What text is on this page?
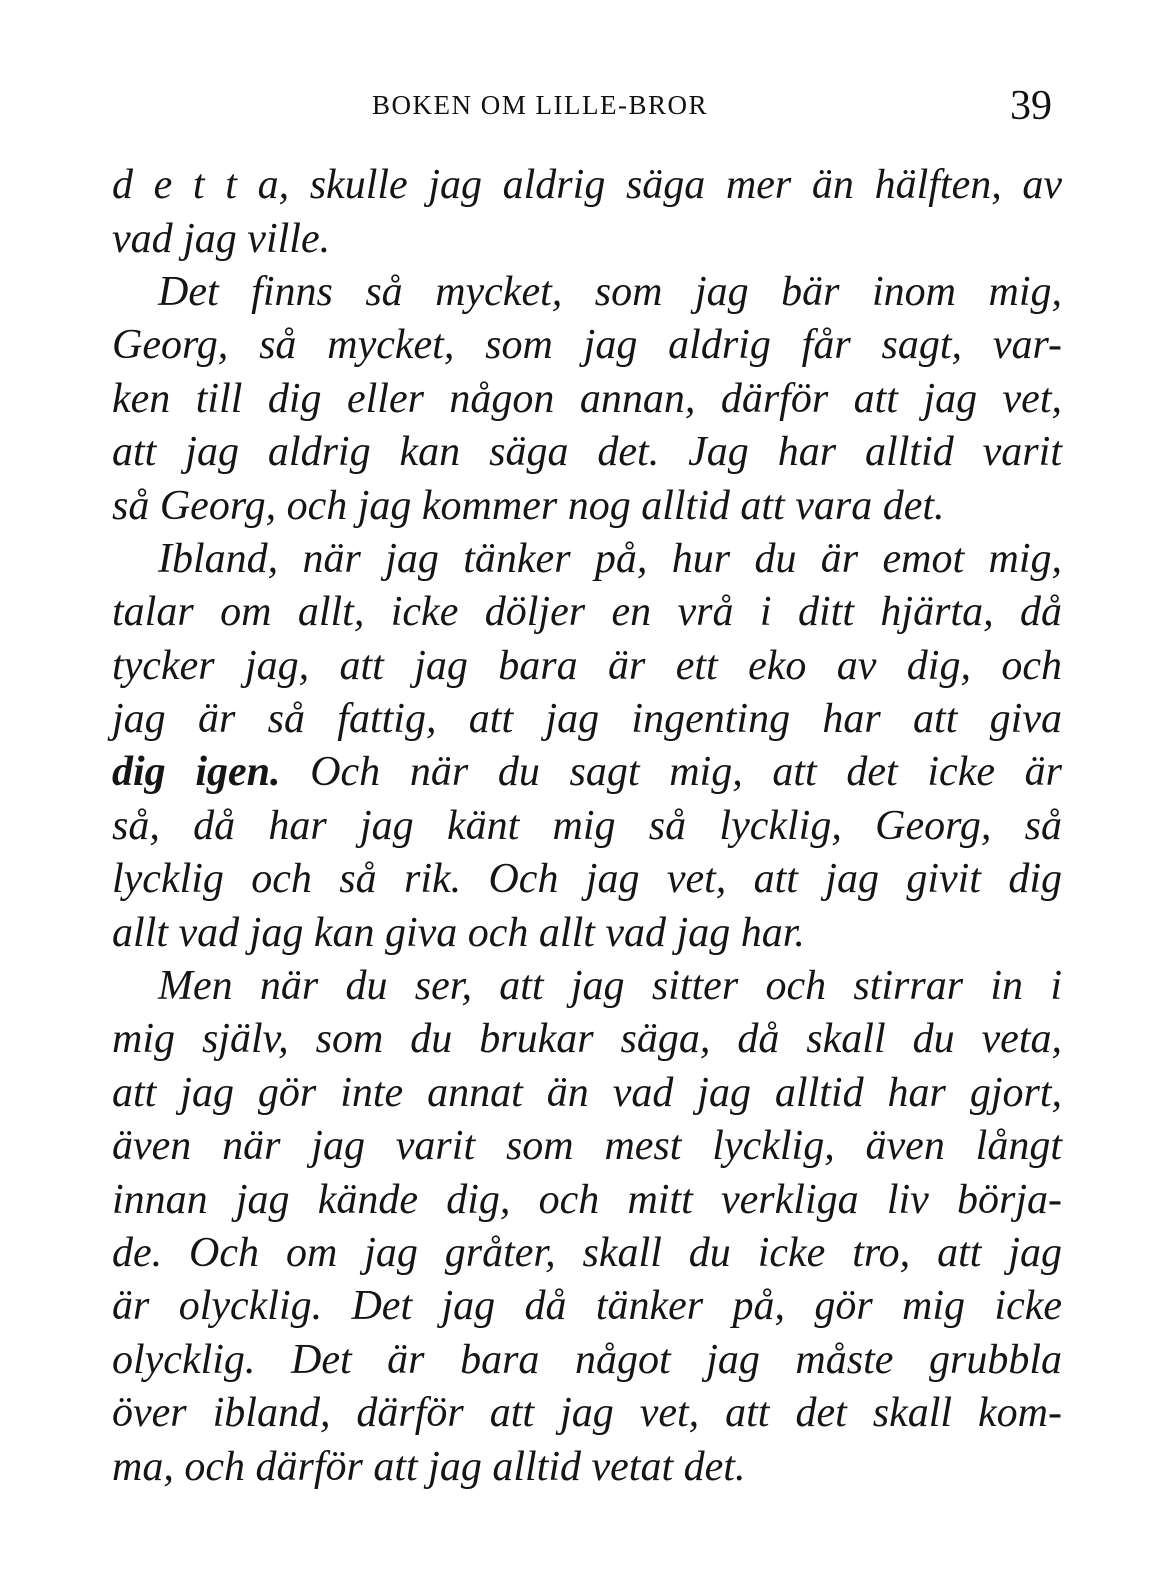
BOKEN OM LILLE-BROR	39
d e t t a, skulle jag aldrig säga mer än hälften, av
vad jag ville.
Det finns så mycket, som jag bär inom mig,
Georg, så mycket, som jag aldrig får sagt, var-
ken till dig eller någon annan, därför att jag vet,
att jag aldrig kan säga det. Jag har alltid varit
så Georg, och jag kommer nog alltid att vara det.
Ibland, när jag tänker på, hur du är emot mig,
talar om allt, icke döljer en vrå i ditt hjärta, då
tycker jag, att jag bara är ett eko av dig, och
jag är så fattig, att jag ingenting har att giva
dig igen. Och när du sagt mig, att det icke är
så, då har jag känt mig så lycklig, Georg, så
lycklig och så rik. Och jag vet, att jag givit dig
allt vad jag kan giva och allt vad jag har.
Men när du ser, att jag sitter och stirrar in i
mig själv, som du brukar säga, då skall du veta,
att jag gör inte annat än vad jag alltid har gjort,
även när jag varit som mest lycklig, även långt
innan jag kände dig, och mitt verkliga liv börja-
de. Och om jag gråter, skall du icke tro, att jag
är olycklig. Det jag då tänker på, gör mig icke
olycklig. Det är bara något jag måste grubbla
över ibland, därför att jag vet, att det skall kom-
ma, och därför att jag alltid vetat det.
